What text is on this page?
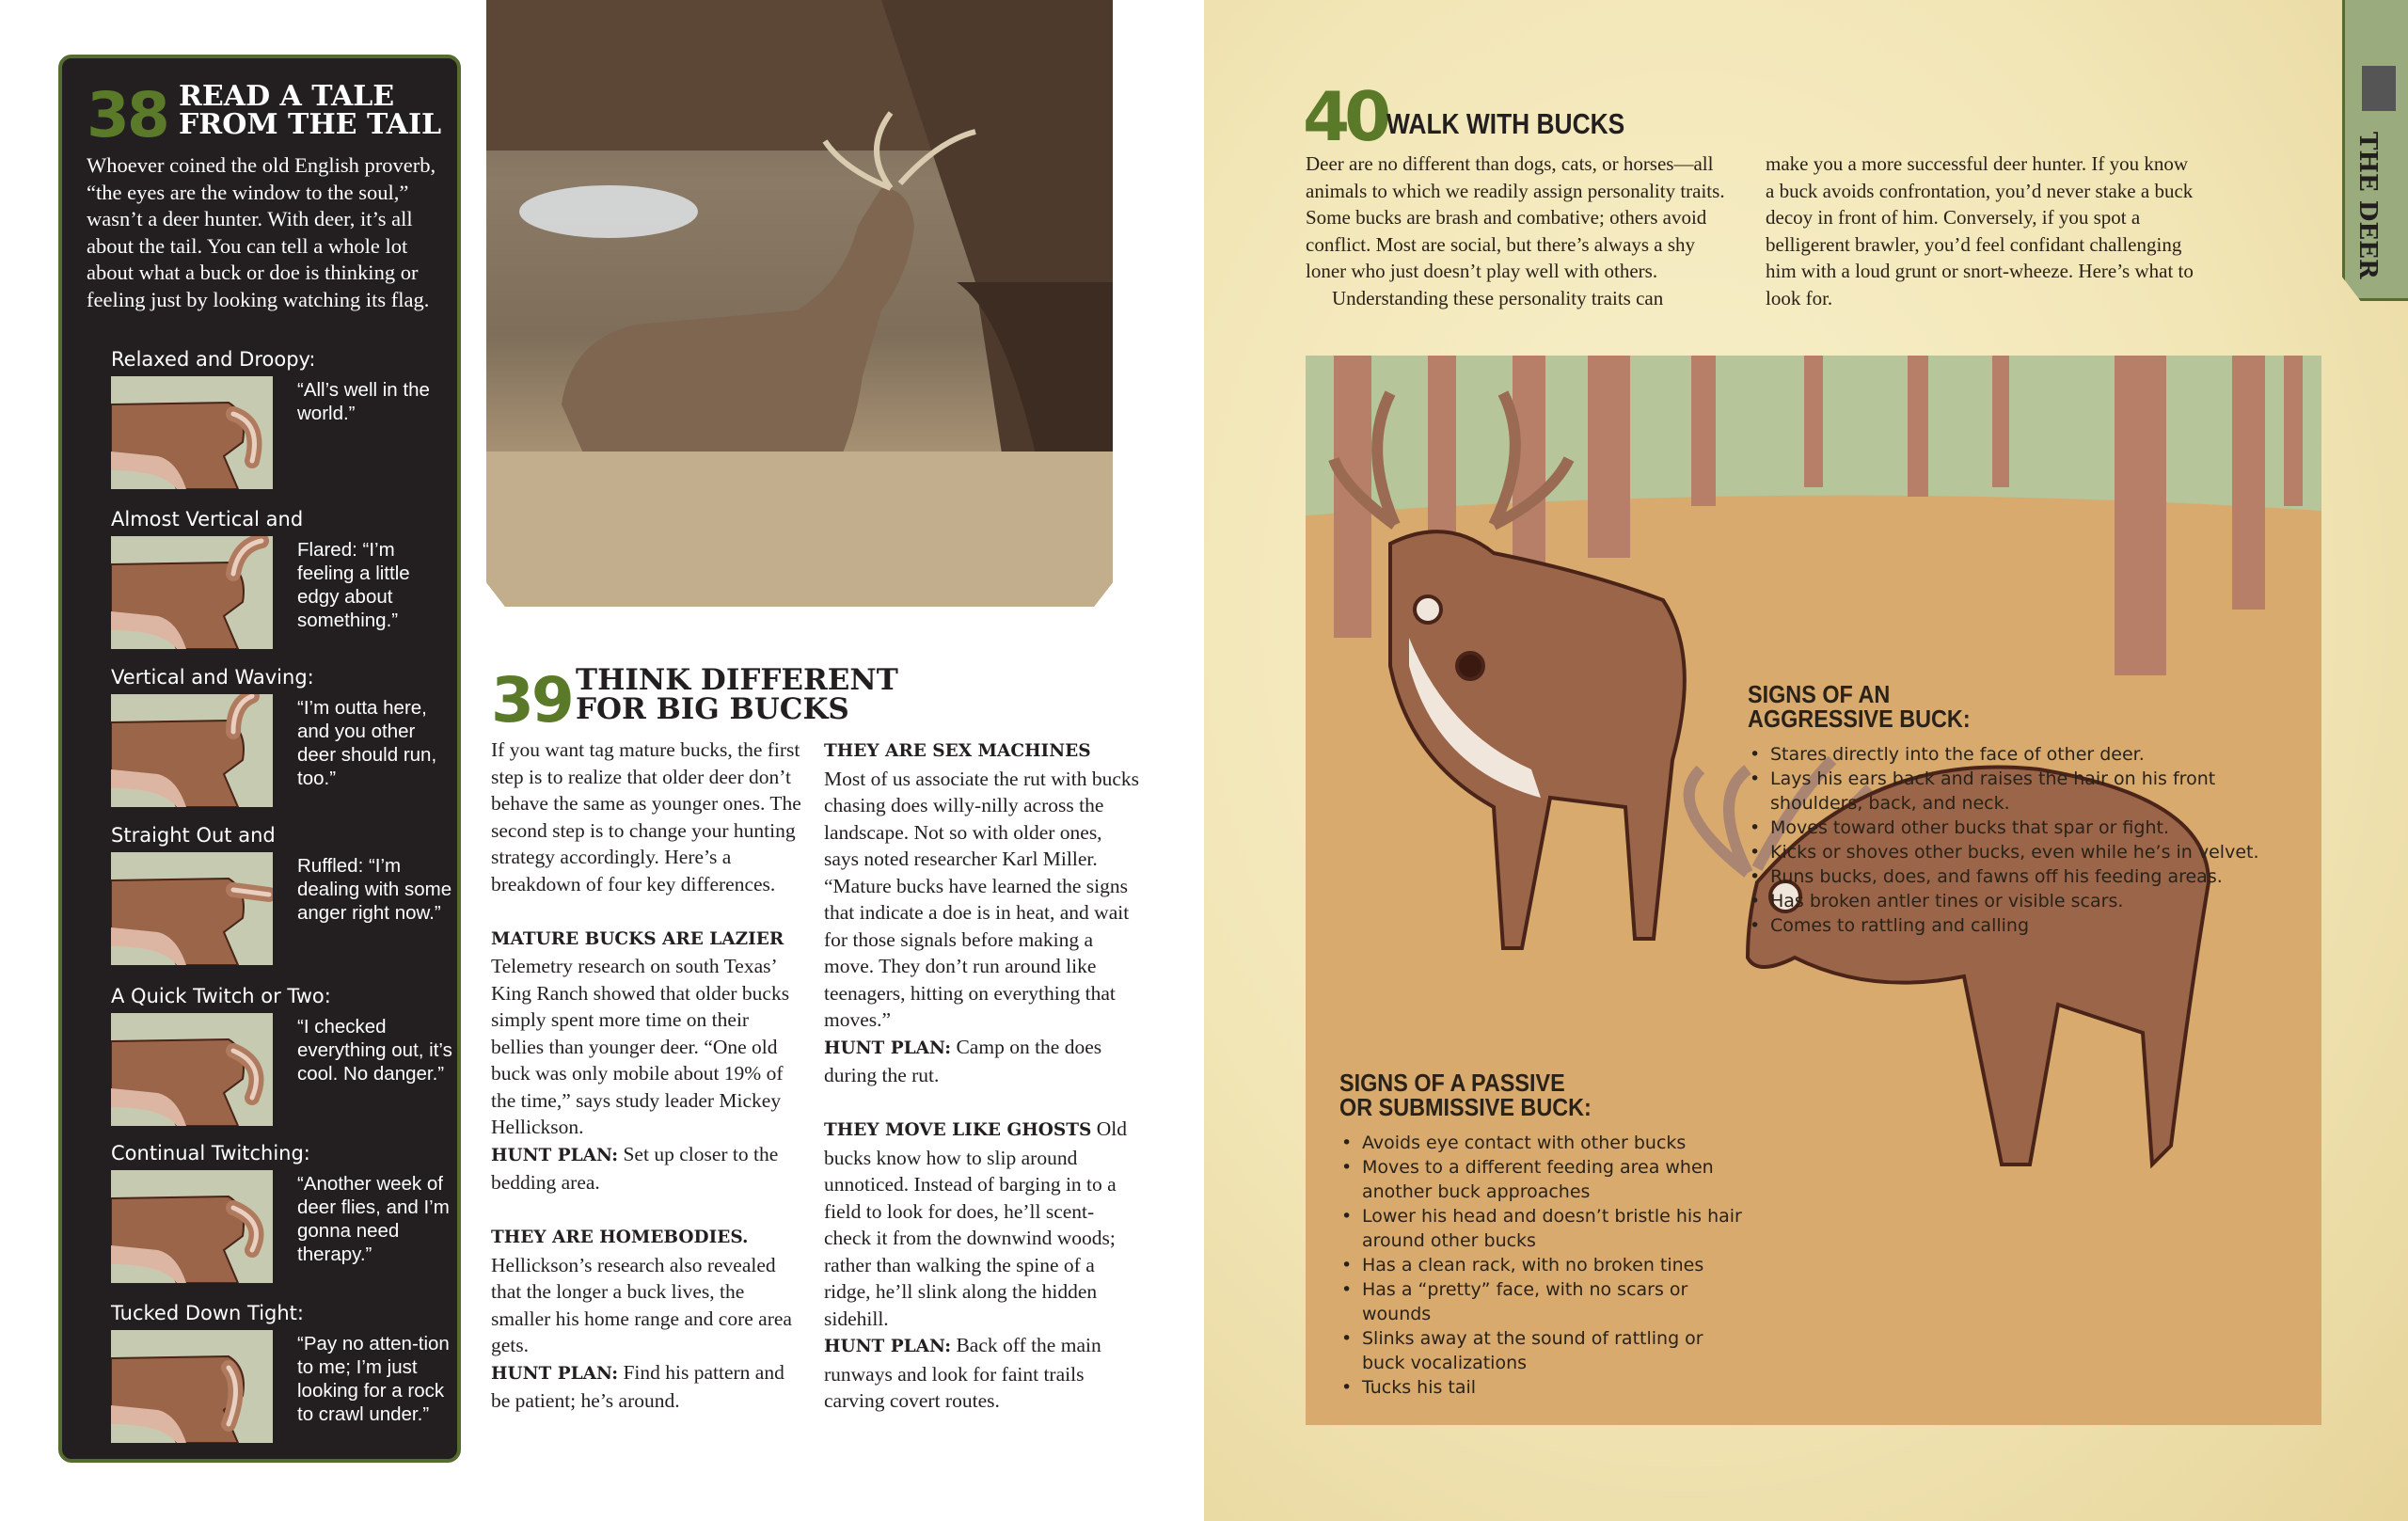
38 READ A TALE
FROM THE TAIL
Whoever coined the old English proverb, “the eyes are the window to the soul,” wasn’t a deer hunter. With deer, it’s all about the tail. You can tell a whole lot about what a buck or doe is thinking or feeling just by looking watching its flag.
Relaxed and Droopy:
“All’s well in the world.”
Almost Vertical and
Flared: “I’m feeling a little edgy about something.”
Vertical and Waving:
“I’m outta here, and you other deer should run, too.”
Straight Out and
Ruffled: “I’m dealing with some anger right now.”
A Quick Twitch or Two:
“I checked everything out, it’s cool. No danger.”
Continual Twitching:
“Another week of deer flies, and I’m gonna need therapy.”
Tucked Down Tight:
“Pay no atten-tion to me; I’m just looking for a rock to crawl under.”
39 THINK DIFFERENT
FOR BIG BUCKS

If you want tag mature bucks, the first step is to realize that older deer don’t behave the same as younger ones. The second step is to change your hunting strategy accordingly. Here’s a breakdown of four key differences.

MATURE BUCKS ARE LAZIER
Telemetry research on south Texas’ King Ranch showed that older bucks simply spent more time on their bellies than younger deer. “One old buck was only mobile about 19% of the time,” says study leader Mickey Hellickson.
HUNT PLAN: Set up closer to the bedding area.

THEY ARE HOMEBODIES.
Hellickson’s research also revealed that the longer a buck lives, the smaller his home range and core area gets.
HUNT PLAN: Find his pattern and be patient; he’s around.

THEY ARE SEX MACHINES
Most of us associate the rut with bucks chasing does willy-nilly across the landscape. Not so with older ones, says noted researcher Karl Miller. “Mature bucks have learned the signs that indicate a doe is in heat, and wait for those signals before making a move. They don’t run around like teenagers, hitting on everything that moves.”
HUNT PLAN: Camp on the does during the rut.

THEY MOVE LIKE GHOSTS Old bucks know how to slip around unnoticed. Instead of barging in to a field to look for does, he’ll scent-check it from the downwind woods; rather than walking the spine of a ridge, he’ll slink along the hidden sidehill.
HUNT PLAN: Back off the main runways and look for faint trails carving covert routes.

40 WALK WITH BUCKS

Deer are no different than dogs, cats, or horses—all animals to which we readily assign personality traits. Some bucks are brash and combative; others avoid conflict. Most are social, but there’s always a shy loner who just doesn’t play well with others.

Understanding these personality traits can

make you a more successful deer hunter. If you know a buck avoids confrontation, you’d never stake a buck decoy in front of him. Conversely, if you spot a belligerent brawler, you’d feel confidant challenging him with a loud grunt or snort-wheeze. Here’s what to look for.
THE DEER
SIGNS OF AN
AGGRESSIVE BUCK:
• Stares directly into the face of other deer.
• Lays his ears back and raises the hair on his front shoulders, back, and neck.
• Moves toward other bucks that spar or fight.
• Kicks or shoves other bucks, even while he’s in velvet.
• Runs bucks, does, and fawns off his feeding areas.
• Has broken antler tines or visible scars.
• Comes to rattling and calling
SIGNS OF A PASSIVE
OR SUBMISSIVE BUCK:
• Avoids eye contact with other bucks
• Moves to a different feeding area when another buck approaches
• Lower his head and doesn’t bristle his hair around other bucks
• Has a clean rack, with no broken tines
• Has a “pretty” face, with no scars or wounds
• Slinks away at the sound of rattling or buck vocalizations
• Tucks his tail
